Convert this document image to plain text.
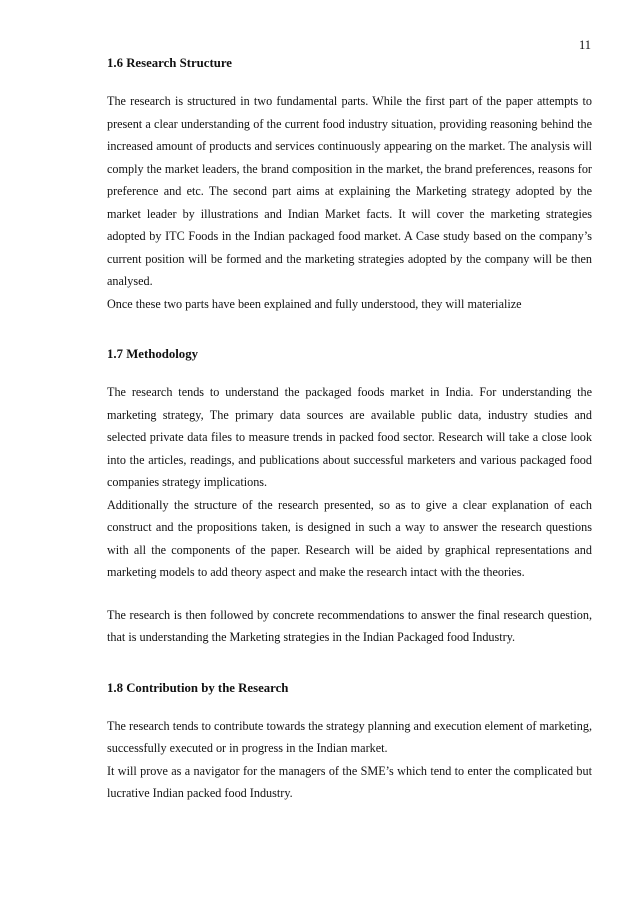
11
1.6 Research Structure

The research is structured in two fundamental parts. While the first part of the paper attempts to present a clear understanding of the current food industry situation, providing reasoning behind the increased amount of products and services continuously appearing on the market. The analysis will comply the market leaders, the brand composition in the market, the brand preferences, reasons for preference and etc. The second part aims at explaining the Marketing strategy adopted by the market leader by illustrations and Indian Market facts. It will cover the marketing strategies adopted by ITC Foods in the Indian packaged food market. A Case study based on the company’s current position will be formed and the marketing strategies adopted by the company will be then analysed.

Once these two parts have been explained and fully understood, they will materialize

1.7 Methodology

The research tends to understand the packaged foods market in India. For understanding the marketing strategy, The primary data sources are available public data, industry studies and selected private data files to measure trends in packed food sector. Research will take a close look into the articles, readings, and publications about successful marketers and various packaged food companies strategy implications.

Additionally the structure of the research presented, so as to give a clear explanation of each construct and the propositions taken, is designed in such a way to answer the research questions with all the components of the paper. Research will be aided by graphical representations and marketing models to add theory aspect and make the research intact with the theories.

The research is then followed by concrete recommendations to answer the final research question, that is understanding the Marketing strategies in the Indian Packaged food Industry.

1.8 Contribution by the Research

The research tends to contribute towards the strategy planning and execution element of marketing, successfully executed or in progress in the Indian market.

It will prove as a navigator for the managers of the SME’s which tend to enter the complicated but lucrative Indian packed food Industry.
